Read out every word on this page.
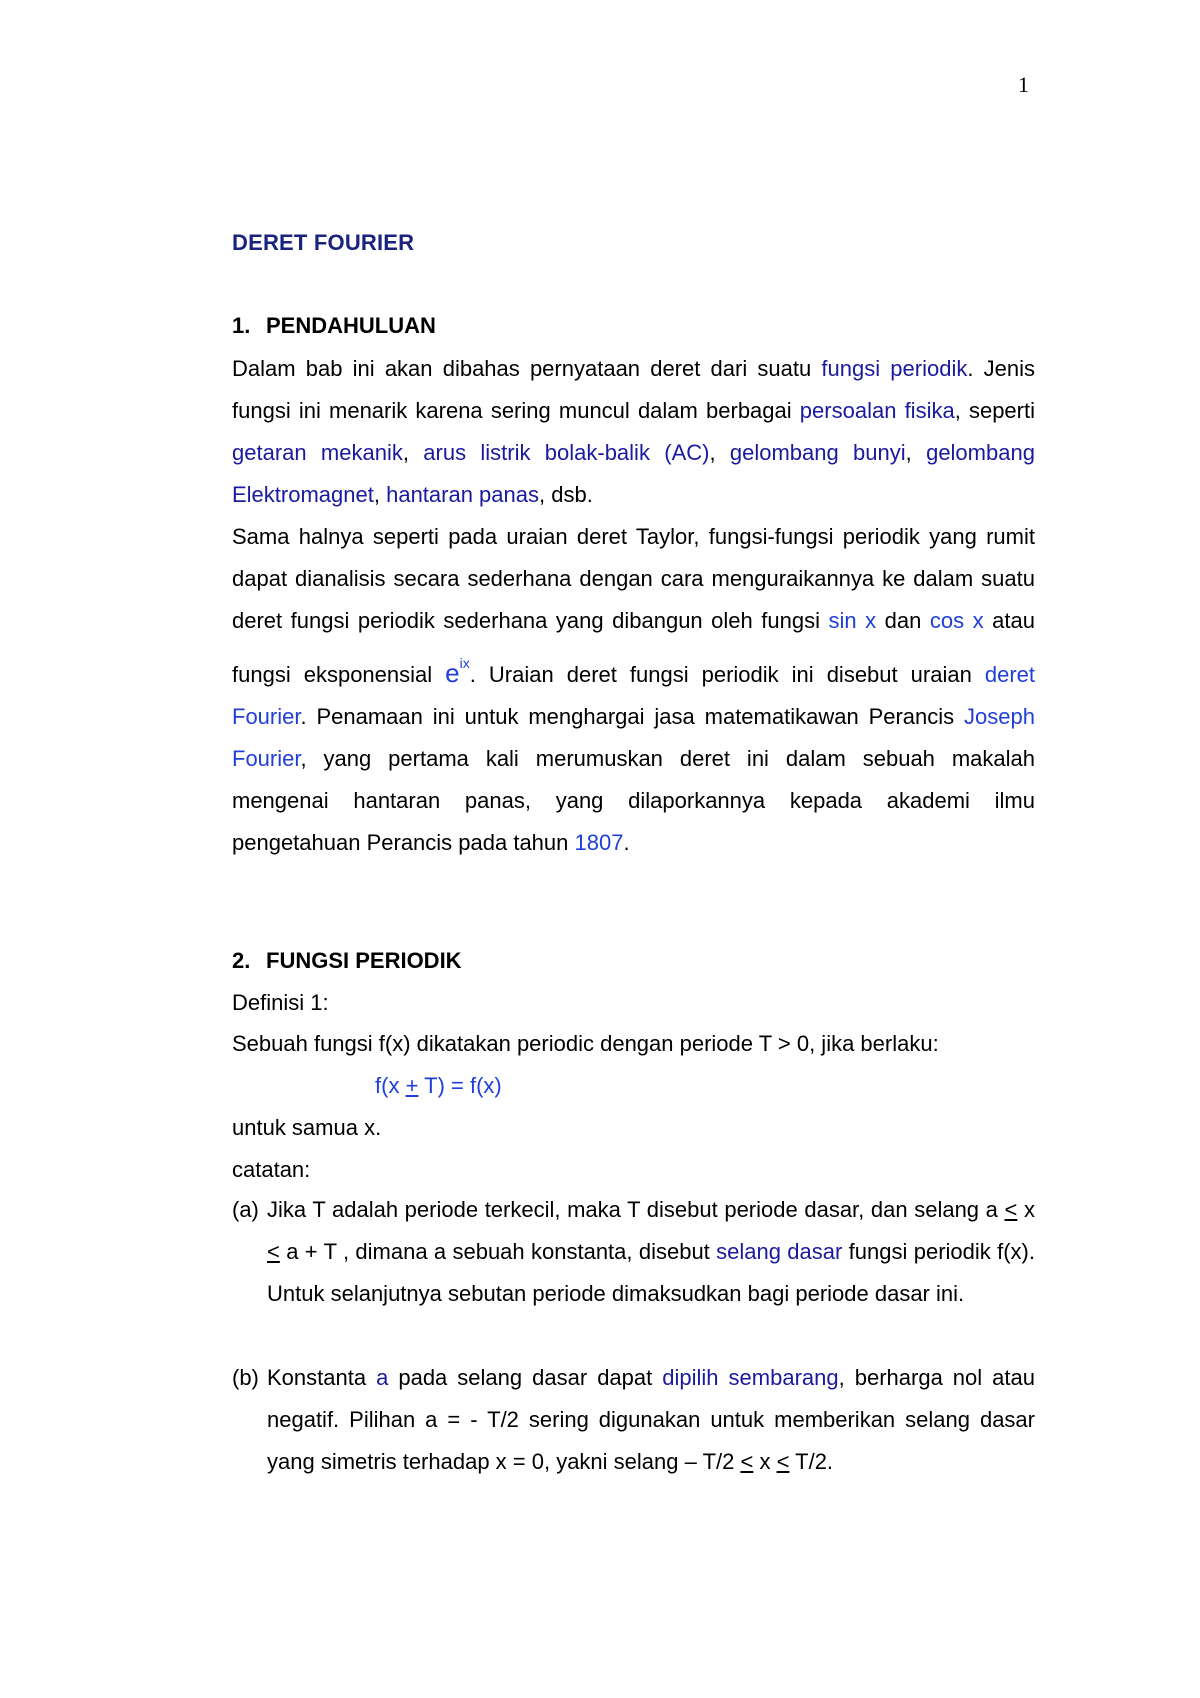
1
DERET FOURIER
1. PENDAHULUAN
Dalam bab ini akan dibahas pernyataan deret dari suatu fungsi periodik. Jenis fungsi ini menarik karena sering muncul dalam berbagai persoalan fisika, seperti getaran mekanik, arus listrik bolak-balik (AC), gelombang bunyi, gelombang Elektromagnet, hantaran panas, dsb.
Sama halnya seperti pada uraian deret Taylor, fungsi-fungsi periodik yang rumit dapat dianalisis secara sederhana dengan cara menguraikannya ke dalam suatu deret fungsi periodik sederhana yang dibangun oleh fungsi sin x dan cos x atau fungsi eksponensial $e^{ix}$. Uraian deret fungsi periodik ini disebut uraian deret Fourier. Penamaan ini untuk menghargai jasa matematikawan Perancis Joseph Fourier, yang pertama kali merumuskan deret ini dalam sebuah makalah mengenai hantaran panas, yang dilaporkannya kepada akademi ilmu pengetahuan Perancis pada tahun 1807.
2. FUNGSI PERIODIK
Definisi 1:
Sebuah fungsi f(x) dikatakan periodic dengan periode T > 0, jika berlaku:
f(x + T) = f(x)
untuk samua x.
catatan:
(a) Jika T adalah periode terkecil, maka T disebut periode dasar, dan selang a < x < a + T , dimana a sebuah konstanta, disebut selang dasar fungsi periodik f(x). Untuk selanjutnya sebutan periode dimaksudkan bagi periode dasar ini.
(b) Konstanta a pada selang dasar dapat dipilih sembarang, berharga nol atau negatif. Pilihan a = - T/2 sering digunakan untuk memberikan selang dasar yang simetris terhadap x = 0, yakni selang – T/2 ≤ x ≤ T/2.
